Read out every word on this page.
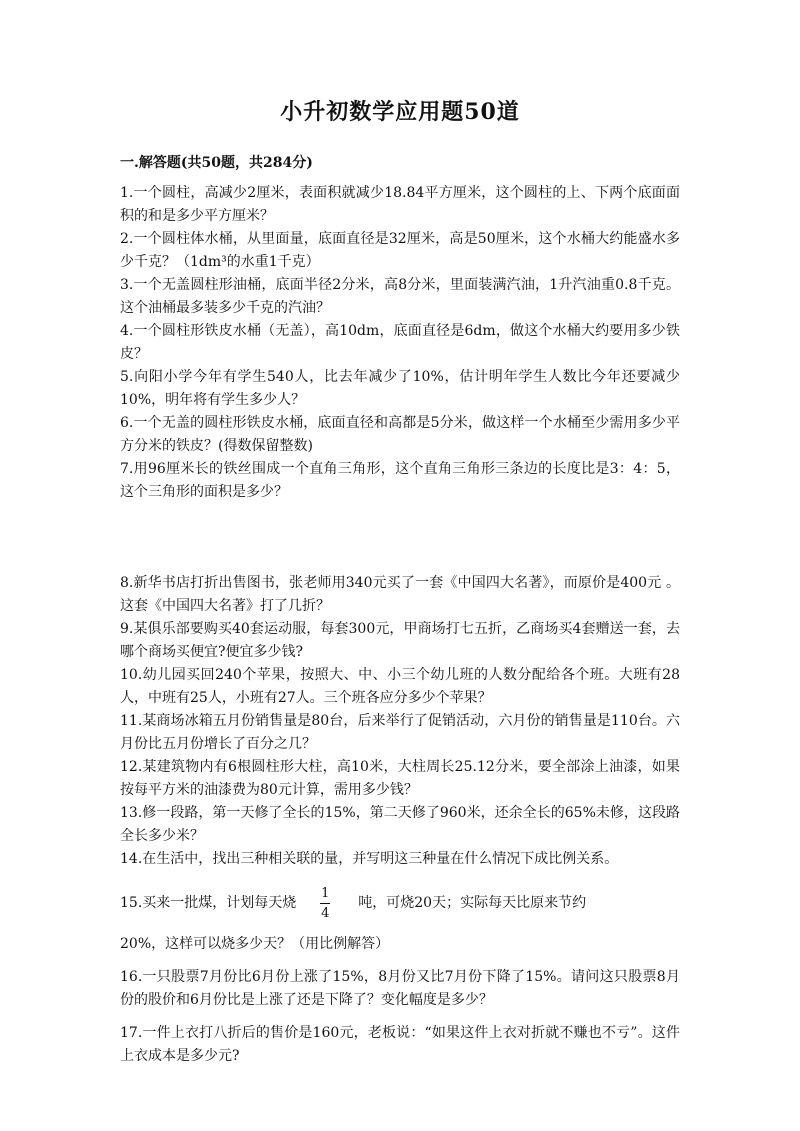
小升初数学应用题50道
一.解答题(共50题，共284分)

1.一个圆柱，高减少2厘米，表面积就减少18.84平方厘米，这个圆柱的上、下两个底面面积的和是多少平方厘米？

2.一个圆柱体水桶，从里面量，底面直径是32厘米，高是50厘米，这个水桶大约能盛水多少千克？（1dm³的水重1千克）

3.一个无盖圆柱形油桶，底面半径2分米，高8分米，里面装满汽油，1升汽油重0.8千克。这个油桶最多装多少千克的汽油？

4.一个圆柱形铁皮水桶（无盖），高10dm，底面直径是6dm，做这个水桶大约要用多少铁皮？

5.向阳小学今年有学生540人，比去年减少了10%，估计明年学生人数比今年还要减少10%，明年将有学生多少人？

6.一个无盖的圆柱形铁皮水桶，底面直径和高都是5分米，做这样一个水桶至少需用多少平方分米的铁皮？(得数保留整数)

7.用96厘米长的铁丝围成一个直角三角形，这个直角三角形三条边的长度比是3：4：5，这个三角形的面积是多少？

8.新华书店打折出售图书，张老师用340元买了一套《中国四大名著》，而原价是400元 。这套《中国四大名著》打了几折？

9.某俱乐部要购买40套运动服，每套300元，甲商场打七五折，乙商场买4套赠送一套，去哪个商场买便宜?便宜多少钱?

10.幼儿园买回240个苹果，按照大、中、小三个幼儿班的人数分配给各个班。大班有28人，中班有25人，小班有27人。三个班各应分多少个苹果？

11.某商场冰箱五月份销售量是80台，后来举行了促销活动，六月份的销售量是110台。六月份比五月份增长了百分之几？

12.某建筑物内有6根圆柱形大柱，高10米，大柱周长25.12分米，要全部涂上油漆，如果按每平方米的油漆费为80元计算，需用多少钱？

13.修一段路，第一天修了全长的15%，第二天修了960米，还余全长的65%未修，这段路全长多少米？

14.在生活中，找出三种相关联的量，并写明这三种量在什么情况下成比例关系。

15.买来一批煤，计划每天烧 $\frac{1}{4}$ 吨，可烧20天；实际每天比原来节约

20%，这样可以烧多少天？（用比例解答）

16.一只股票7月份比6月份上涨了15%，8月份又比7月份下降了15%。请问这只股票8月份的股价和6月份比是上涨了还是下降了？变化幅度是多少？

17.一件上衣打八折后的售价是160元，老板说：“如果这件上衣对折就不赚也不亏”。这件上衣成本是多少元?
